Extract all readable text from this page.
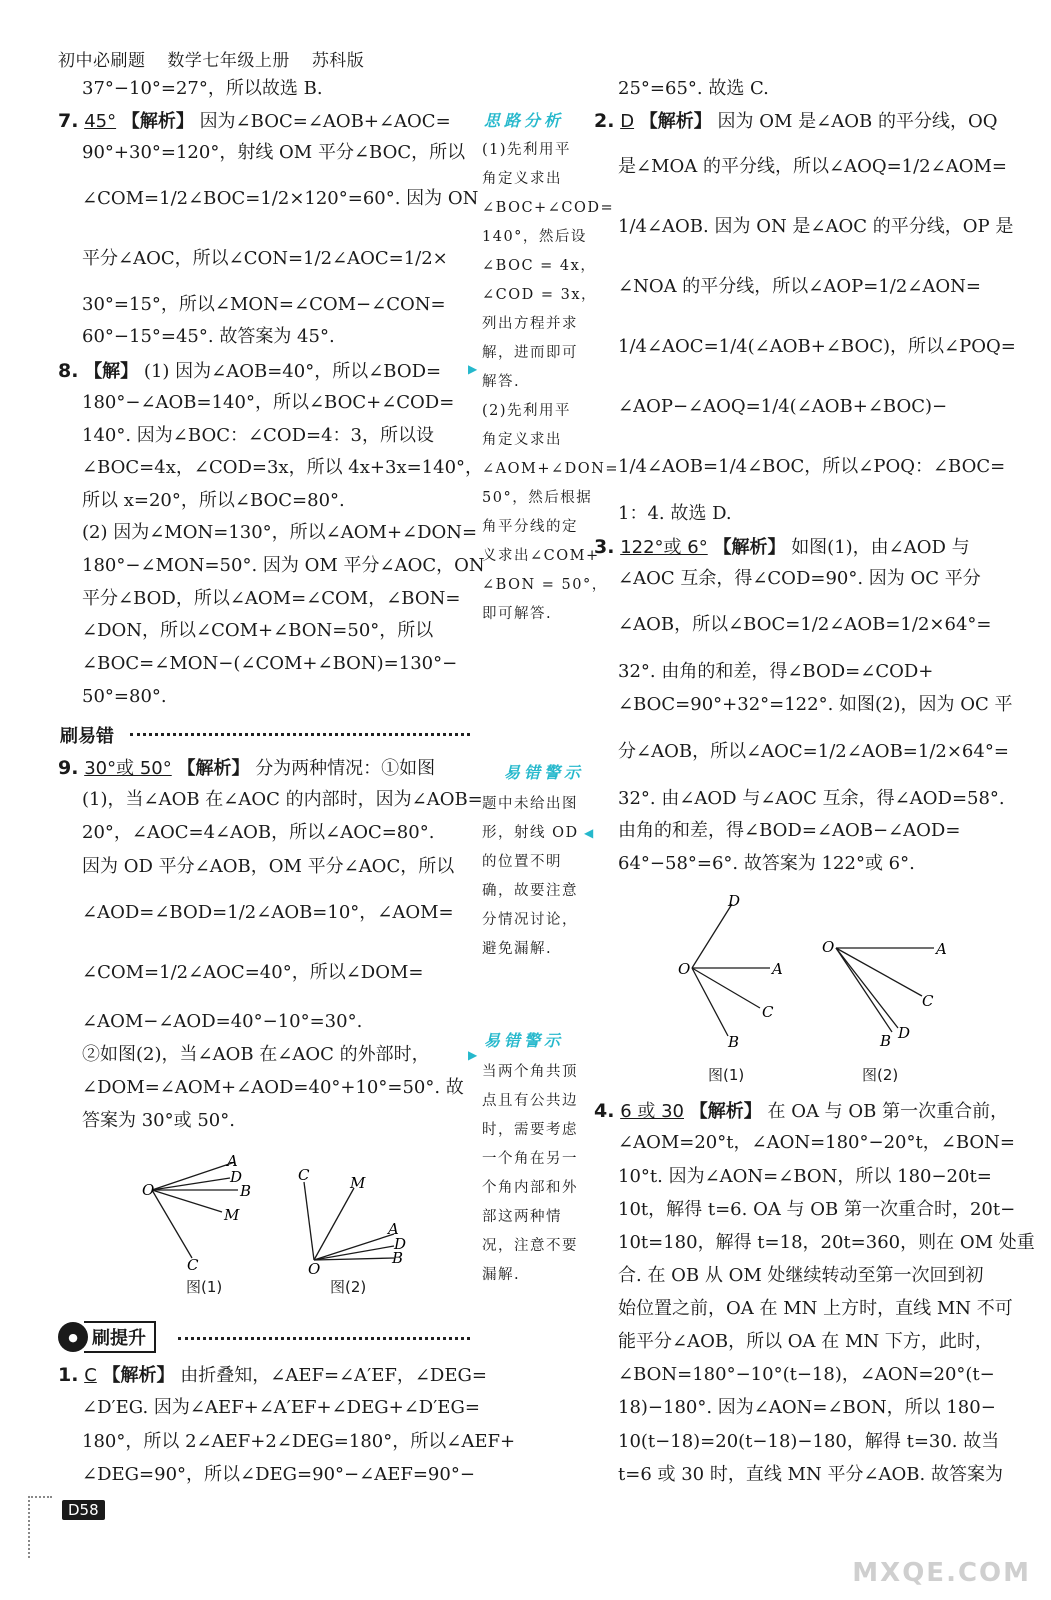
初中必刷题 数学七年级上册 苏科版
37°−10°=27°，所以故选 B.
7. 45° 【解析】 因为∠BOC=∠AOB+∠AOC=
90°+30°=120°，射线 OM 平分∠BOC，所以
∠COM=1/2∠BOC=1/2×120°=60°. 因为 ON
平分∠AOC，所以∠CON=1/2∠AOC=1/2×
30°=15°，所以∠MON=∠COM−∠CON=
60°−15°=45°. 故答案为 45°.
8. 【解】 (1) 因为∠AOB=40°，所以∠BOD=
180°−∠AOB=140°，所以∠BOC+∠COD=
140°. 因为∠BOC：∠COD=4：3，所以设
∠BOC=4x，∠COD=3x，所以 4x+3x=140°，
所以 x=20°，所以∠BOC=80°.
(2) 因为∠MON=130°，所以∠AOM+∠DON=
180°−∠MON=50°. 因为 OM 平分∠AOC，ON
平分∠BOD，所以∠AOM=∠COM，∠BON=
∠DON，所以∠COM+∠BON=50°，所以
∠BOC=∠MON−(∠COM+∠BON)=130°−
50°=80°.
刷易错
9. 30°或 50° 【解析】 分为两种情况：①如图
(1)，当∠AOB 在∠AOC 的内部时，因为∠AOB=
20°，∠AOC=4∠AOB，所以∠AOC=80°.
因为 OD 平分∠AOB，OM 平分∠AOC，所以
∠AOD=∠BOD=1/2∠AOB=10°，∠AOM=
∠COM=1/2∠AOC=40°，所以∠DOM=
∠AOM−∠AOD=40°−10°=30°.
②如图(2)，当∠AOB 在∠AOC 的外部时，
∠DOM=∠AOM+∠AOD=40°+10°=50°. 故
答案为 30°或 50°.
O
A
D
B
M
C
图(1)
C	M
A
D
B
O
图(2)
● 刷提升
1. C 【解析】 由折叠知，∠AEF=∠A′EF，∠DEG=
∠D′EG. 因为∠AEF+∠A′EF+∠DEG+∠D′EG=
180°，所以 2∠AEF+2∠DEG=180°，所以∠AEF+
∠DEG=90°，所以∠DEG=90°−∠AEF=90°−
D58
思路分析
(1)先利用平
角定义求出
∠BOC+∠COD=
140°，然后设
∠BOC = 4x，
∠COD = 3x，
列出方程并求
解，进而即可
解答.
(2)先利用平
角定义求出
∠AOM+∠DON=
50°，然后根据
角平分线的定
义求出∠COM+
∠BON = 50°，
即可解答.
▶
易错警示
题中未给出图
形，射线 OD
的位置不明
确，故要注意
分情况讨论，
避免漏解.
◀
易错警示
当两个角共顶
点且有公共边
时，需要考虑
一个角在另一
个角内部和外
部这两种情
况，注意不要
漏解.
▶
25°=65°. 故选 C.
2. D 【解析】 因为 OM 是∠AOB 的平分线，OQ
是∠MOA 的平分线，所以∠AOQ=1/2∠AOM=
1/4∠AOB. 因为 ON 是∠AOC 的平分线，OP 是
∠NOA 的平分线，所以∠AOP=1/2∠AON=
1/4∠AOC=1/4(∠AOB+∠BOC)，所以∠POQ=
∠AOP−∠AOQ=1/4(∠AOB+∠BOC)−
1/4∠AOB=1/4∠BOC，所以∠POQ：∠BOC=
1：4. 故选 D.
3. 122°或 6° 【解析】 如图(1)，由∠AOD 与
∠AOC 互余，得∠COD=90°. 因为 OC 平分
∠AOB，所以∠BOC=1/2∠AOB=1/2×64°=
32°. 由角的和差，得∠BOD=∠COD+
∠BOC=90°+32°=122°. 如图(2)，因为 OC 平
分∠AOB，所以∠AOC=1/2∠AOB=1/2×64°=
32°. 由∠AOD 与∠AOC 互余，得∠AOD=58°.
由角的和差，得∠BOD=∠AOB−∠AOD=
64°−58°=6°. 故答案为 122°或 6°.
D
O	A
C
B
图(1)
O	A
C
B D
图(2)
4. 6 或 30 【解析】 在 OA 与 OB 第一次重合前，
∠AOM=20°t，∠AON=180°−20°t，∠BON=
10°t. 因为∠AON=∠BON，所以 180−20t=
10t，解得 t=6. OA 与 OB 第一次重合时，20t−
10t=180，解得 t=18，20t=360，则在 OM 处重
合. 在 OB 从 OM 处继续转动至第一次回到初
始位置之前，OA 在 MN 上方时，直线 MN 不可
能平分∠AOB，所以 OA 在 MN 下方，此时，
∠BON=180°−10°(t−18)，∠AON=20°(t−
18)−180°. 因为∠AON=∠BON，所以 180−
10(t−18)=20(t−18)−180，解得 t=30. 故当
t=6 或 30 时，直线 MN 平分∠AOB. 故答案为
MXQE.COM
